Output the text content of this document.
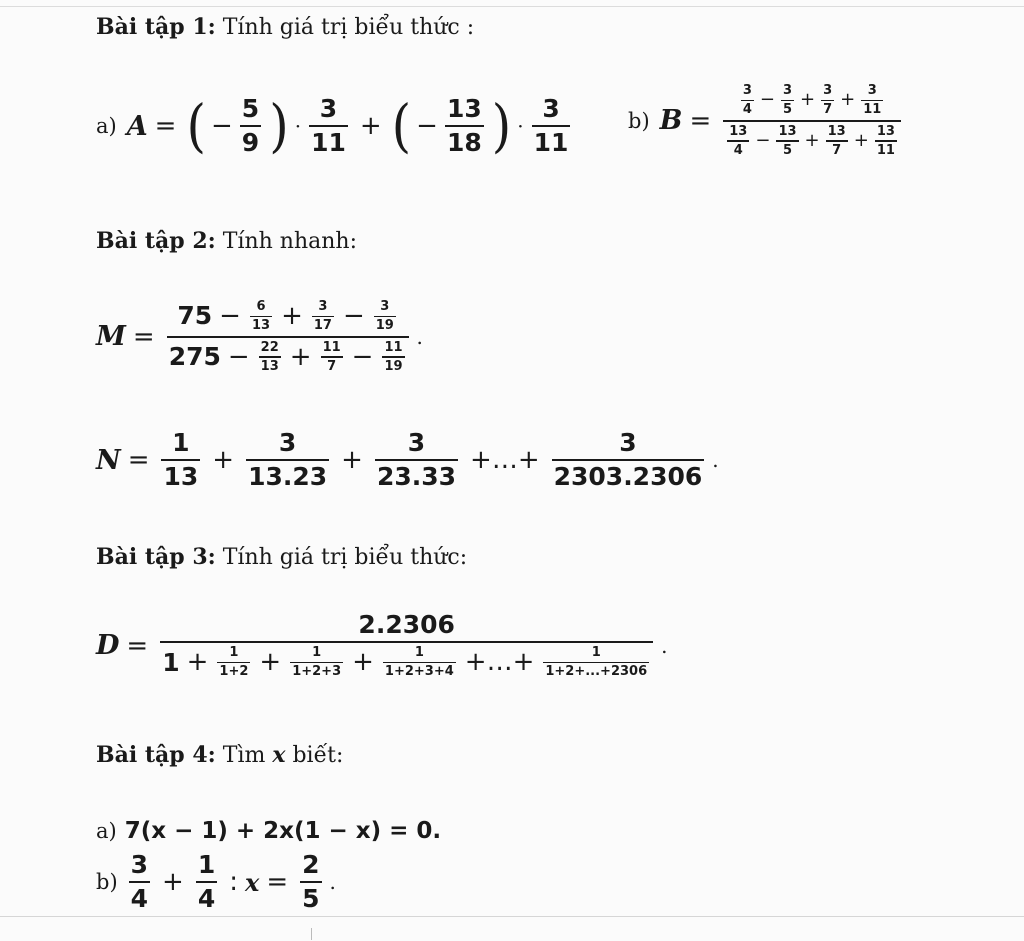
Bài tập 1: Tính giá trị biểu thức :
a) A = ( − $\frac{5}{9}$ ) · $\frac{3}{11}$ + ( − $\frac{13}{18}$ ) · $\frac{3}{11}$	b) $B = \frac{\frac{3}{4} - \frac{3}{5} + \frac{3}{7} + \frac{3}{11}}{\frac{13}{4} - \frac{13}{5} + \frac{13}{7} + \frac{13}{11}}$
Bài tập 2: Tính nhanh:
$M = \frac{75 - \frac{6}{13} + \frac{3}{17} - \frac{3}{19}}{275 - \frac{22}{13} + \frac{11}{7} - \frac{11}{19}}$ .
$N = \frac{1}{13} + \frac{3}{13.23} + \frac{3}{23.33}$ +…+ $\frac{3}{2303.2306}$ .
Bài tập 3: Tính giá trị biểu thức:
D =
2.2306
$1 + \frac{1}{1+2} + \frac{1}{1+2+3} + \frac{1}{1+2+3+4}$ +…+ $\frac{1}{1+2+...+2306}$
.
Bài tập 4: Tìm x biết:
a) 7(x − 1) + 2x(1 − x) = 0.
$b) \frac{3}{4} + \frac{1}{4}$ : $x = \frac{2}{5}$ .
